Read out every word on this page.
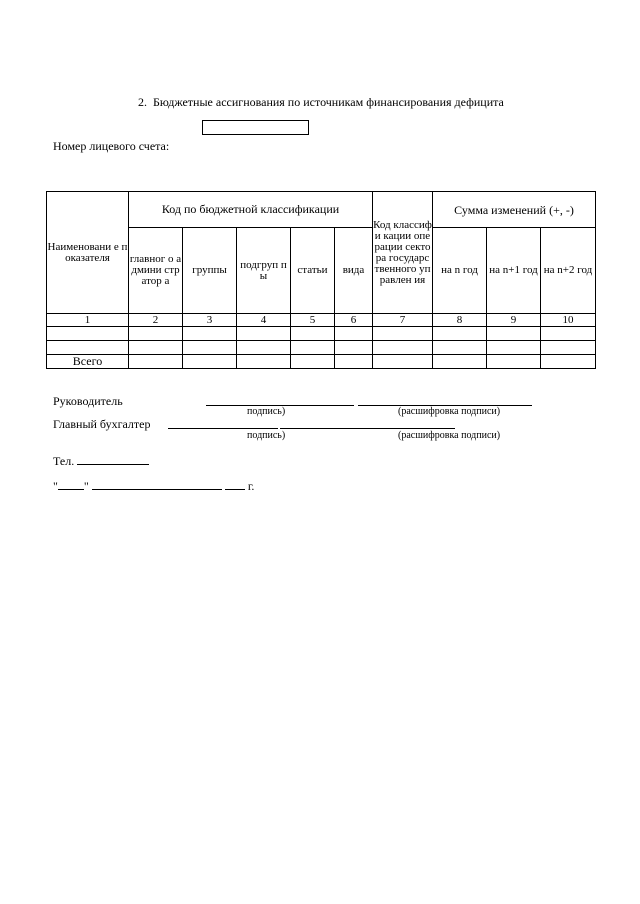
2. Бюджетные ассигнования по источникам финансирования дефицита
Номер лицевого счета:
Наименовани е показателя	Код по бюджетной классификации					Код классифи кации операции сектора государс твенного управлен ия	Сумма изменений (+, -)		
	главног о админи стратор а	группы	подгруп пы	статьи	вида		на n год	на n+1 год	на n+2 год
1	2	3	4	5	6	7	8	9	10

Всего									
Руководитель
подпись)	(расшифровка подписи)
Главный бухгалтер
подпись)	(расшифровка подписи)
Тел.
" "	г.
